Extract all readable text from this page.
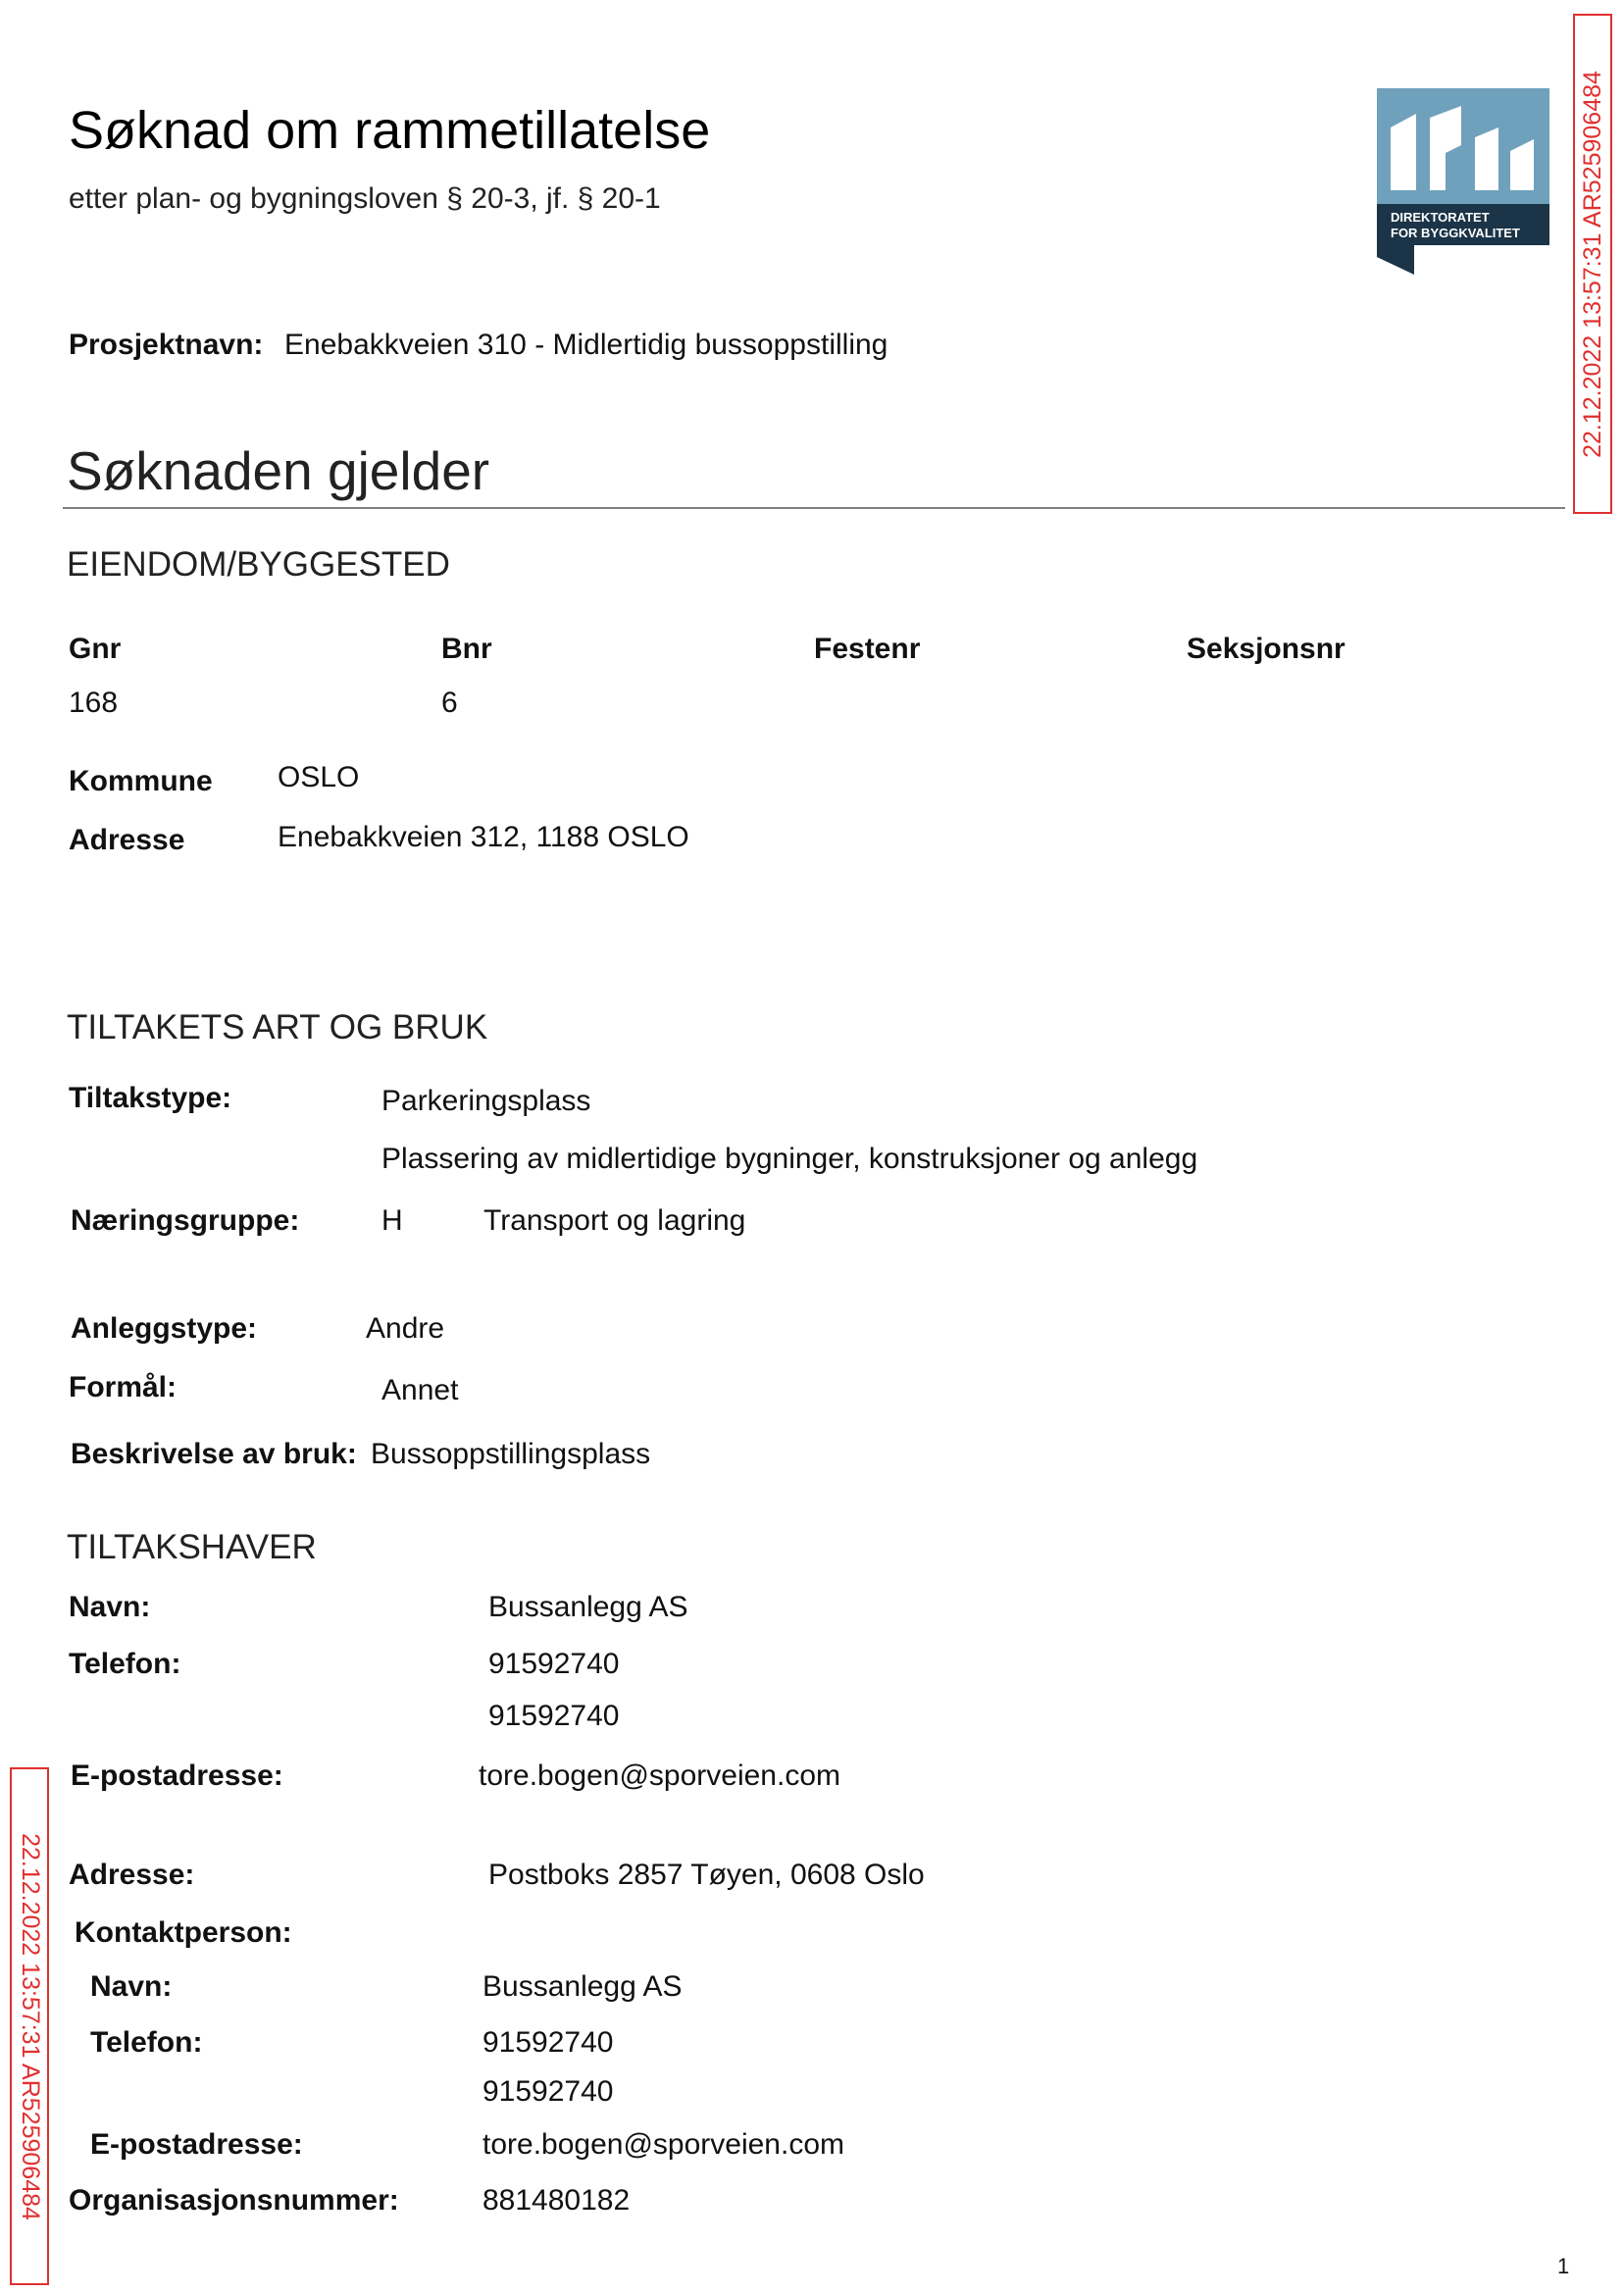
Søknad om rammetillatelse
etter plan- og bygningsloven § 20-3, jf. § 20-1
DIREKTORATET
FOR BYGGKVALITET 22.12.2022 13:57:31 AR525906484
22.12.2022 13:57:31 AR525906484
Prosjektnavn: Enebakkveien 310 - Midlertidig bussoppstilling
Søknaden gjelder
EIENDOM/BYGGESTED
Gnr	Bnr	Festenr	Seksjonsnr
168	6
Kommune OSLO
Adresse	Enebakkveien 312, 1188 OSLO
TILTAKETS ART OG BRUK
Tiltakstype:	Parkeringsplass
Plassering av midlertidige bygninger, konstruksjoner og anlegg
Næringsgruppe:	H	Transport og lagring
Anleggstype:	Andre
Formål:	Annet
Beskrivelse av bruk: Bussoppstillingsplass
TILTAKSHAVER
Navn:	Bussanlegg AS
Telefon:	91592740
91592740
E-postadresse:	tore.bogen@sporveien.com
Adresse:	Postboks 2857 Tøyen, 0608 Oslo
Kontaktperson:
Navn:	Bussanlegg AS
Telefon:	91592740
91592740
E-postadresse:	tore.bogen@sporveien.com
Organisasjonsnummer:	881480182
1
